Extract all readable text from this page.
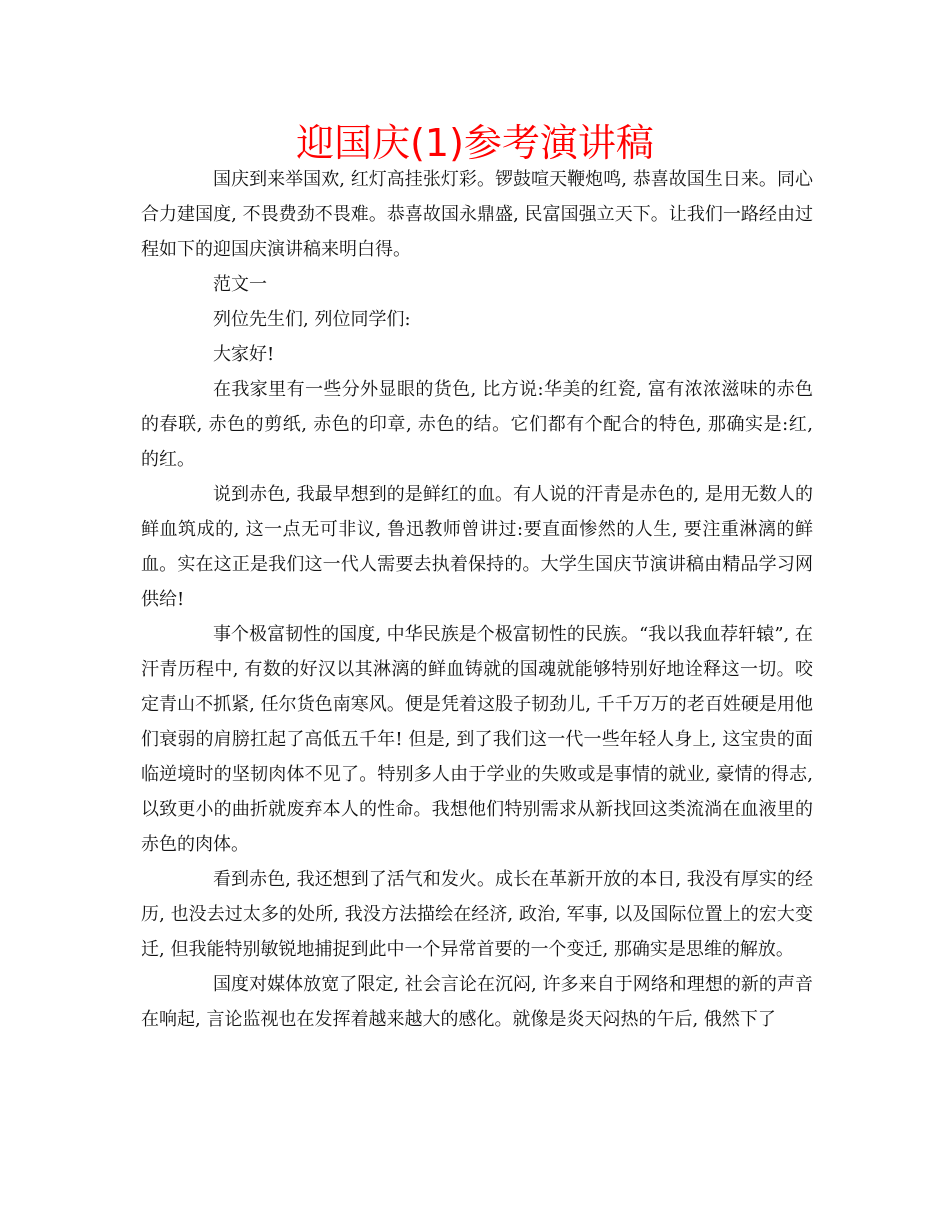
迎国庆(1)参考演讲稿

国庆到来举国欢, 红灯高挂张灯彩。锣鼓喧天鞭炮鸣, 恭喜故国生日来。同心合力建国度, 不畏费劲不畏难。恭喜故国永鼎盛, 民富国强立天下。让我们一路经由过程如下的迎国庆演讲稿来明白得。

范文一

列位先生们, 列位同学们:

大家好!

在我家里有一些分外显眼的货色, 比方说:华美的红瓷, 富有浓浓滋味的赤色的春联, 赤色的剪纸, 赤色的印章, 赤色的结。它们都有个配合的特色, 那确实是:红, 的红。

说到赤色, 我最早想到的是鲜红的血。有人说的汗青是赤色的, 是用无数人的鲜血筑成的, 这一点无可非议, 鲁迅教师曾讲过:要直面惨然的人生, 要注重淋漓的鲜血。实在这正是我们这一代人需要去执着保持的。大学生国庆节演讲稿由精品学习网供给!

事个极富韧性的国度, 中华民族是个极富韧性的民族。“我以我血荐轩辕”, 在汗青历程中, 有数的好汉以其淋漓的鲜血铸就的国魂就能够特别好地诠释这一切。咬定青山不抓紧, 任尔货色南寒风。便是凭着这股子韧劲儿, 千千万万的老百姓硬是用他们衰弱的肩膀扛起了高低五千年! 但是, 到了我们这一代一些年轻人身上, 这宝贵的面临逆境时的坚韧肉体不见了。特别多人由于学业的失败或是事情的就业, 豪情的得志, 以致更小的曲折就废弃本人的性命。我想他们特别需求从新找回这类流淌在血液里的赤色的肉体。

看到赤色, 我还想到了活气和发火。成长在革新开放的本日, 我没有厚实的经历, 也没去过太多的处所, 我没方法描绘在经济, 政治, 军事, 以及国际位置上的宏大变迁, 但我能特别敏锐地捕捉到此中一个异常首要的一个变迁, 那确实是思维的解放。

国度对媒体放宽了限定, 社会言论在沉闷, 许多来自于网络和理想的新的声音在响起, 言论监视也在发挥着越来越大的感化。就像是炎天闷热的午后, 俄然下了
